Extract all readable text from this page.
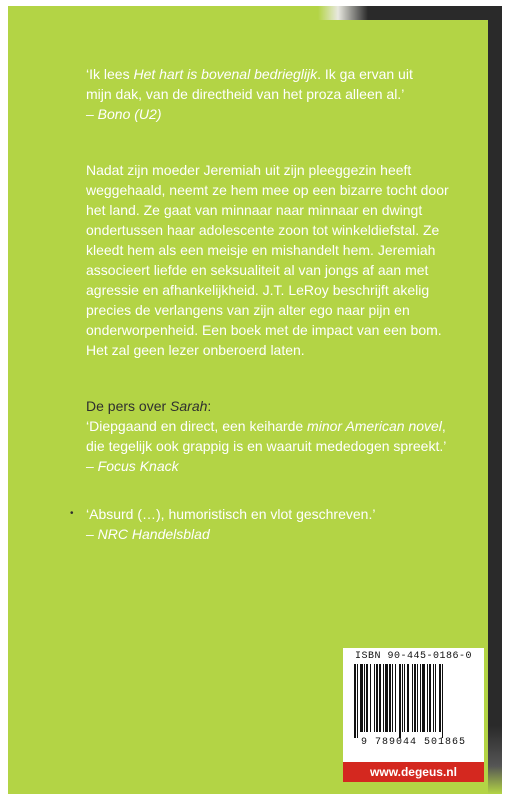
‘Ik lees Het hart is bovenal bedrieglijk. Ik ga ervan uit

mijn dak, van de directheid van het proza alleen al.’

– Bono (U2)

Nadat zijn moeder Jeremiah uit zijn pleeggezin heeft

weggehaald, neemt ze hem mee op een bizarre tocht door

het land. Ze gaat van minnaar naar minnaar en dwingt

ondertussen haar adolescente zoon tot winkeldiefstal. Ze

kleedt hem als een meisje en mishandelt hem. Jeremiah

associeert liefde en seksualiteit al van jongs af aan met

agressie en afhankelijkheid. J.T. LeRoy beschrijft akelig

precies de verlangens van zijn alter ego naar pijn en

onderworpenheid. Een boek met de impact van een bom.

Het zal geen lezer onberoerd laten.

De pers over Sarah:

‘Diepgaand en direct, een keiharde minor American novel,

die tegelijk ook grappig is en waaruit mededogen spreekt.’

– Focus Knack

• ‘Absurd (…), humoristisch en vlot geschreven.’

– NRC Handelsblad

ISBN 90-445-0186-0
9 789044 501865
www.degeus.nl
